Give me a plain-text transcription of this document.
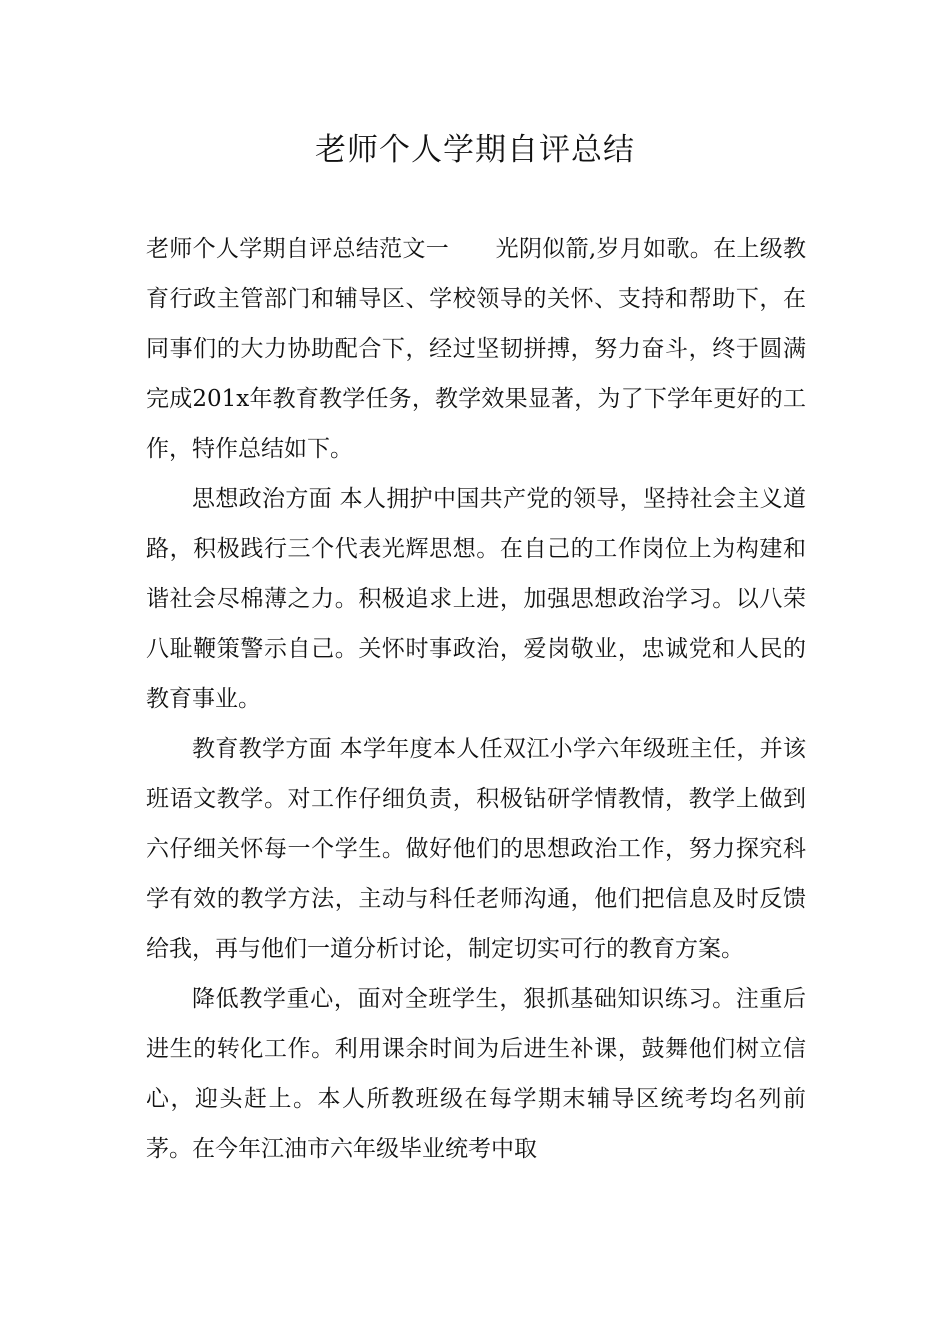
老师个人学期自评总结

老师个人学期自评总结范文一　　光阴似箭,岁月如歌。在上级教育行政主管部门和辅导区、学校领导的关怀、支持和帮助下，在同事们的大力协助配合下，经过坚韧拼搏，努力奋斗，终于圆满完成201x年教育教学任务，教学效果显著，为了下学年更好的工作，特作总结如下。

思想政治方面 本人拥护中国共产党的领导，坚持社会主义道路，积极践行三个代表光辉思想。在自己的工作岗位上为构建和谐社会尽棉薄之力。积极追求上进，加强思想政治学习。以八荣八耻鞭策警示自己。关怀时事政治，爱岗敬业，忠诚党和人民的教育事业。

教育教学方面 本学年度本人任双江小学六年级班主任，并该班语文教学。对工作仔细负责，积极钻研学情教情，教学上做到六仔细关怀每一个学生。做好他们的思想政治工作，努力探究科学有效的教学方法，主动与科任老师沟通，他们把信息及时反馈给我，再与他们一道分析讨论，制定切实可行的教育方案。

降低教学重心，面对全班学生，狠抓基础知识练习。注重后进生的转化工作。利用课余时间为后进生补课，鼓舞他们树立信心，迎头赶上。本人所教班级在每学期末辅导区统考均名列前茅。在今年江油市六年级毕业统考中取
